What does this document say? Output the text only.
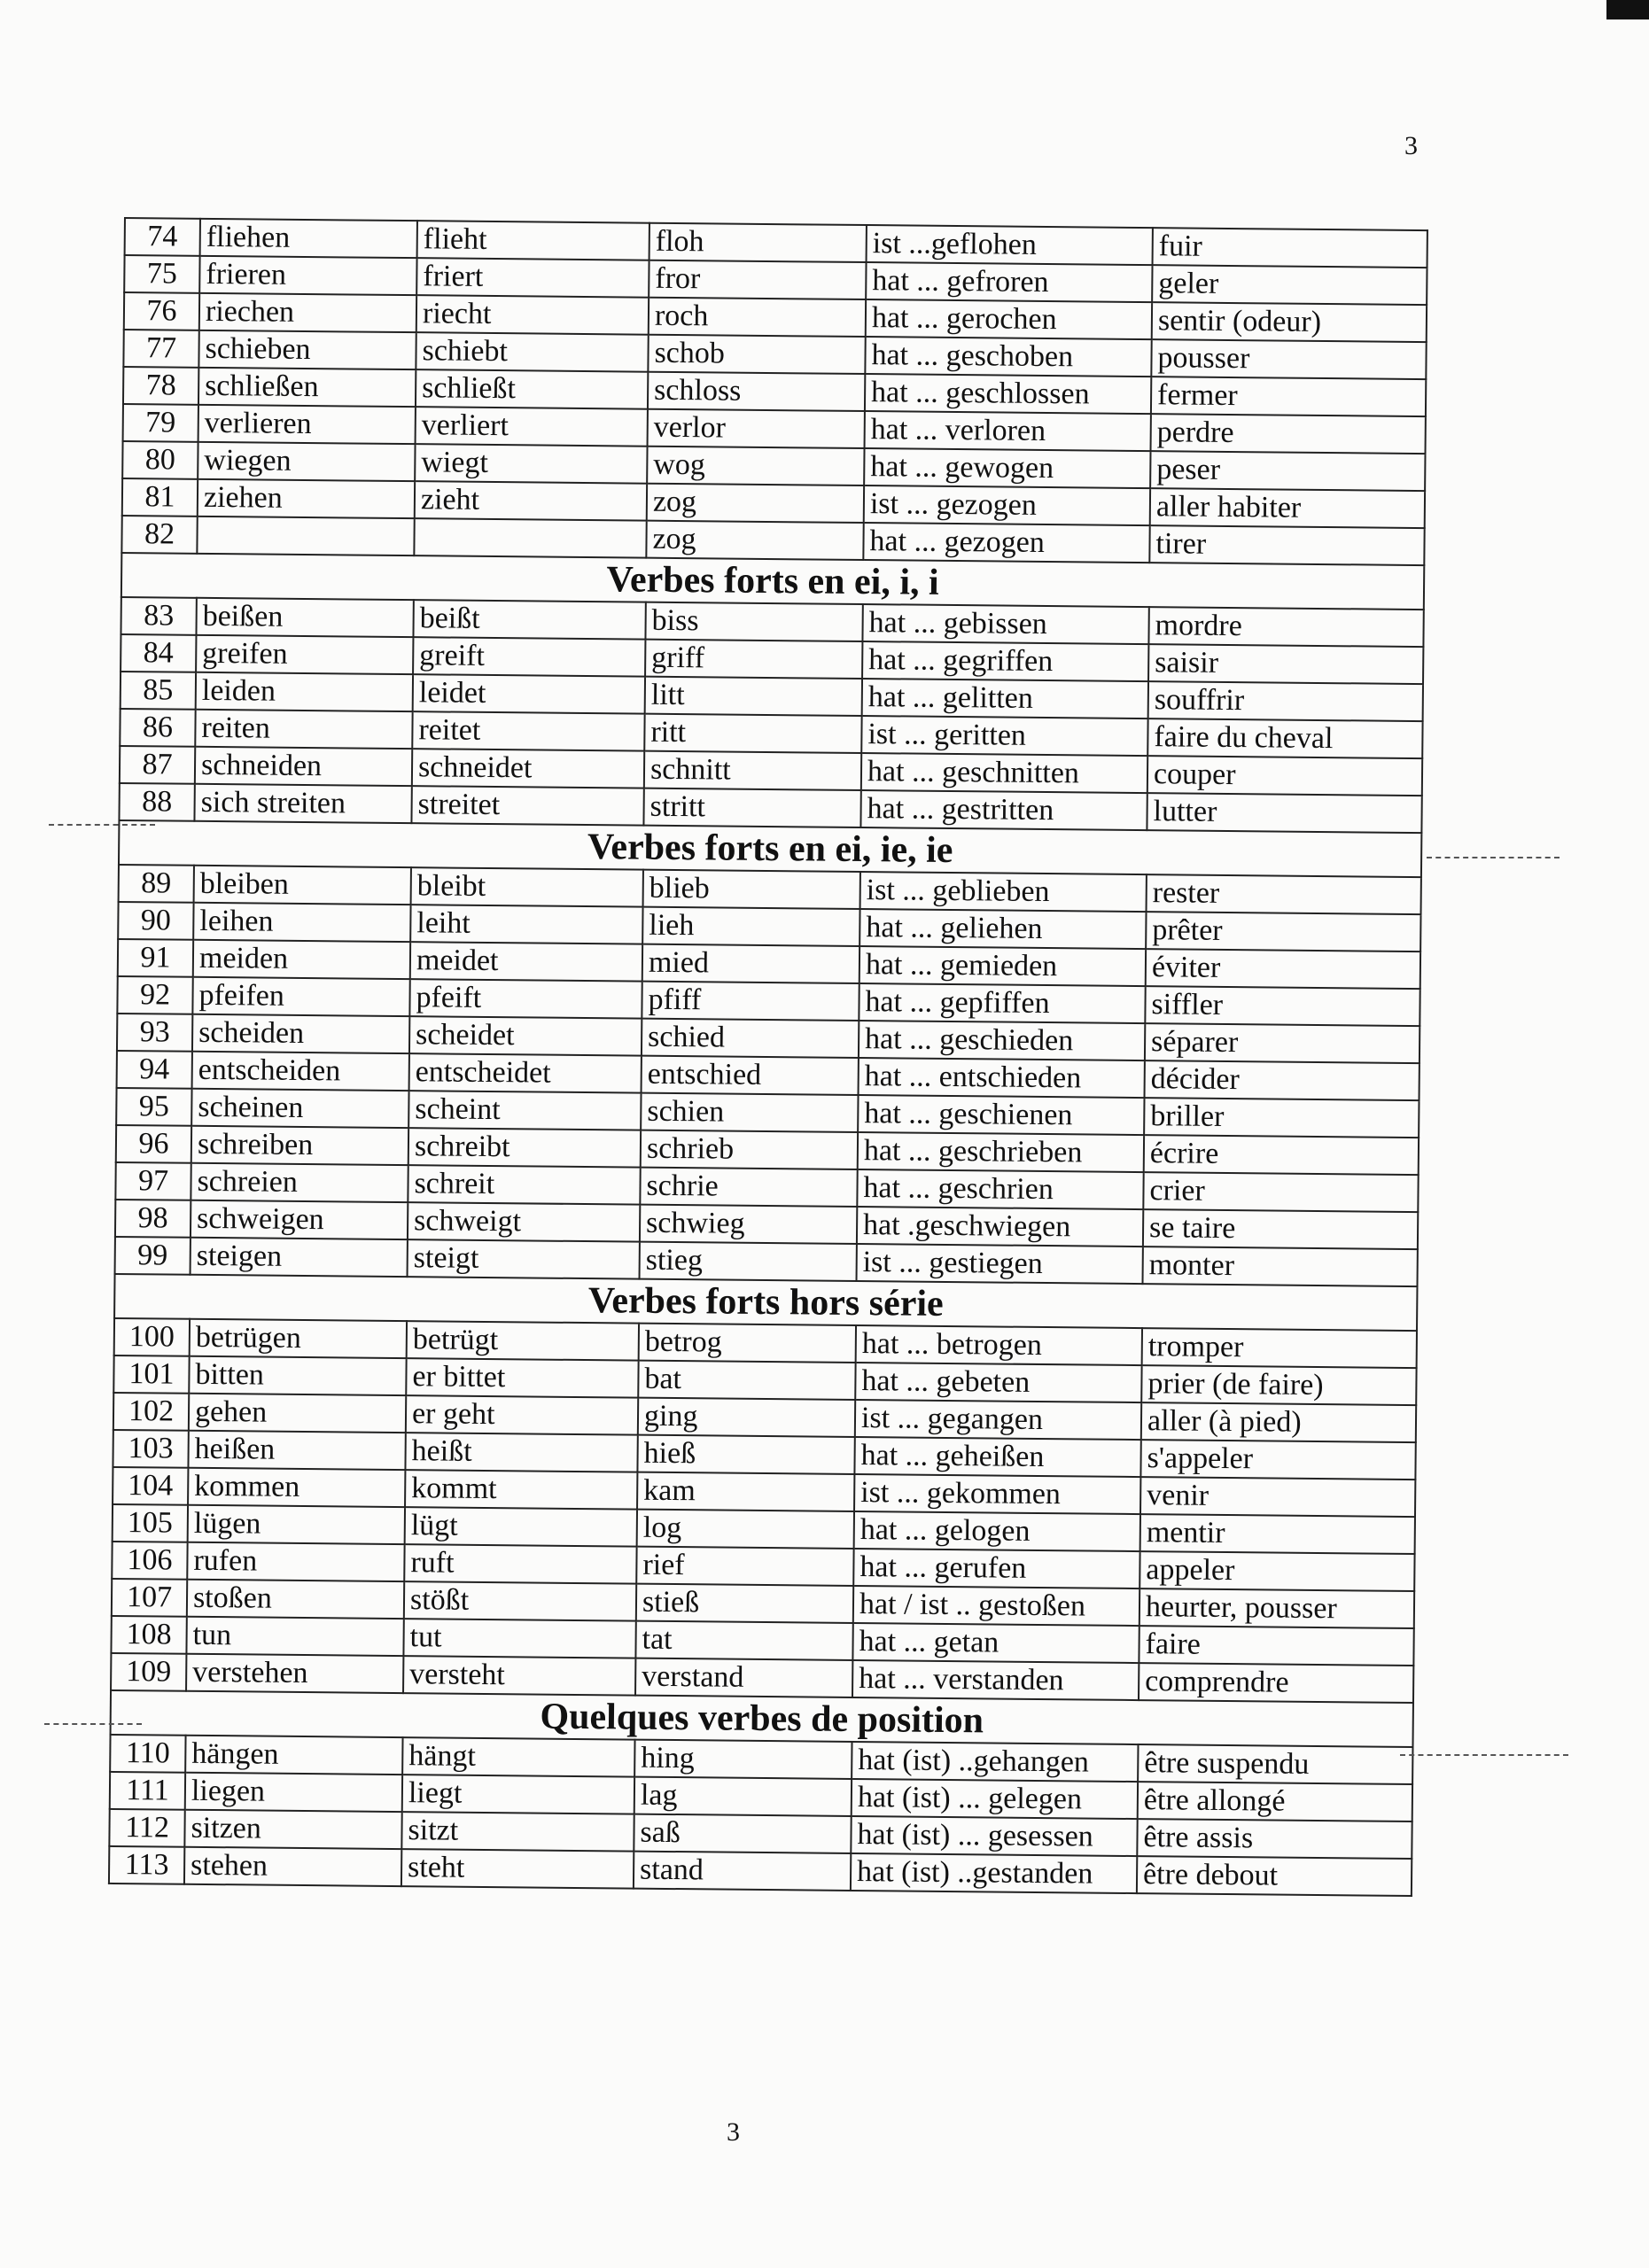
3
74	fliehen	flieht	floh	ist ...geflohen	fuir
75	frieren	friert	fror	hat ... gefroren	geler
76	riechen	riecht	roch	hat ... gerochen	sentir (odeur)
77	schieben	schiebt	schob	hat ... geschoben	pousser
78	schließen	schließt	schloss	hat ... geschlossen	fermer
79	verlieren	verliert	verlor	hat ... verloren	perdre
80	wiegen	wiegt	wog	hat ... gewogen	peser
81	ziehen	zieht	zog	ist ... gezogen	aller habiter
82			zog	hat ... gezogen	tirer
Verbes forts en ei, i, i					
83	beißen	beißt	biss	hat ... gebissen	mordre
84	greifen	greift	griff	hat ... gegriffen	saisir
85	leiden	leidet	litt	hat ... gelitten	souffrir
86	reiten	reitet	ritt	ist ... geritten	faire du cheval
87	schneiden	schneidet	schnitt	hat ... geschnitten	couper
88	sich streiten	streitet	stritt	hat ... gestritten	lutter
Verbes forts en ei, ie, ie					
89	bleiben	bleibt	blieb	ist ... geblieben	rester
90	leihen	leiht	lieh	hat ... geliehen	prêter
91	meiden	meidet	mied	hat ... gemieden	éviter
92	pfeifen	pfeift	pfiff	hat ... gepfiffen	siffler
93	scheiden	scheidet	schied	hat ... geschieden	séparer
94	entscheiden	entscheidet	entschied	hat ... entschieden	décider
95	scheinen	scheint	schien	hat ... geschienen	briller
96	schreiben	schreibt	schrieb	hat ... geschrieben	écrire
97	schreien	schreit	schrie	hat ... geschrien	crier
98	schweigen	schweigt	schwieg	hat .geschwiegen	se taire
99	steigen	steigt	stieg	ist ... gestiegen	monter
Verbes forts hors série					
100	betrügen	betrügt	betrog	hat ... betrogen	tromper
101	bitten	er bittet	bat	hat ... gebeten	prier (de faire)
102	gehen	er geht	ging	ist ... gegangen	aller (à pied)
103	heißen	heißt	hieß	hat ... geheißen	s'appeler
104	kommen	kommt	kam	ist ... gekommen	venir
105	lügen	lügt	log	hat ... gelogen	mentir
106	rufen	ruft	rief	hat ... gerufen	appeler
107	stoßen	stößt	stieß	hat / ist .. gestoßen	heurter, pousser
108	tun	tut	tat	hat ... getan	faire
109	verstehen	versteht	verstand	hat ... verstanden	comprendre
Quelques verbes de position					
110	hängen	hängt	hing	hat (ist) ..gehangen	être suspendu
111	liegen	liegt	lag	hat (ist) ... gelegen	être allongé
112	sitzen	sitzt	saß	hat (ist) ... gesessen	être assis
113	stehen	steht	stand	hat (ist) ..gestanden	être debout
3
